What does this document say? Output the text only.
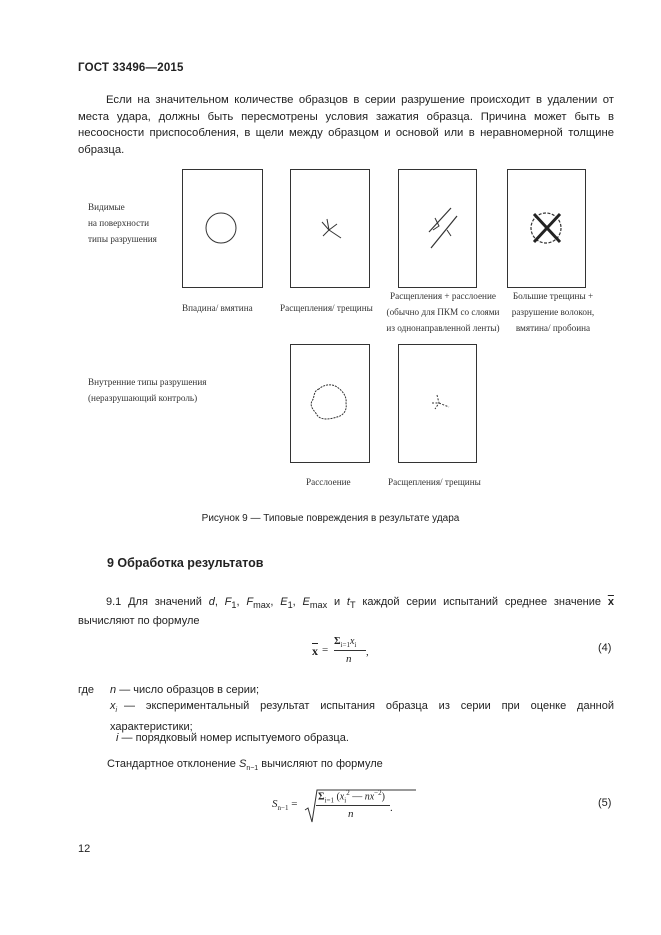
ГОСТ 33496—2015
Если на значительном количестве образцов в серии разрушение происходит в удалении от места удара, должны быть пересмотрены условия зажатия образца. Причина может быть в несоосности приспособления, в щели между образцом и основой или в неравномерной толщине образца.
Видимые
на поверхности
типы разрушения
Впадина/ вмятина	Расщепления/ трещины
Расщепления + расслоение
(обычно для ПКМ со слоями
из однонаправленной ленты)
Большие трещины +
разрушение волокон,
вмятина/ пробоина
Внутренние типы разрушения
(неразрушающий контроль)
Расслоение	Расщепления/ трещины
Рисунок 9 — Типовые повреждения в результате удара
9 Обработка результатов
9.1 Для значений d, $F_1$, $F_{max}$, $E_1$, $E_{max}$ и $t_T$ каждой серии испытаний среднее значение $\overline{x}$ вычисляют по формуле
$\overline{x}$ =
$\Sigma_{i=1}x_i$
n
,	(4)
где n — число образцов в серии;
$x_i$ — экспериментальный результат испытания образца из серии при оценке данной характеристики;
i — порядковый номер испытуемого образца.
Стандартное отклонение $S_{n-1}$ вычисляют по формуле
$S_{n-1}$ =
$\Sigma_{i=1}$ ($x_i^2$ — $nx^{-2}$)
n	.	(5)
12
